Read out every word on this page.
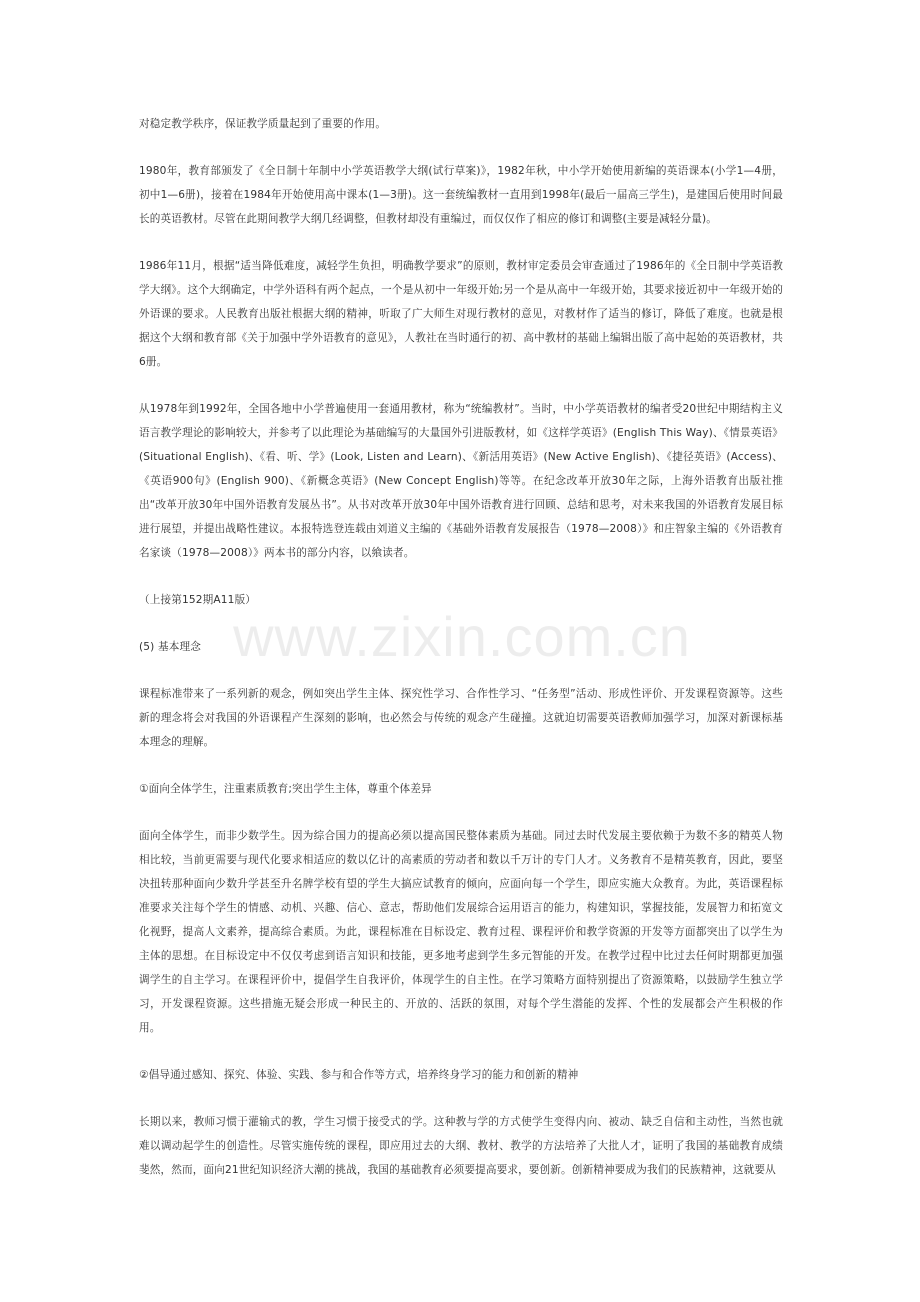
www.zixin.com.cn

对稳定教学秩序，保证教学质量起到了重要的作用。

1980年，教育部颁发了《全日制十年制中小学英语教学大纲(试行草案)》，1982年秋，中小学开始使用新编的英语课本(小学1—4册，初中1—6册)，接着在1984年开始使用高中课本(1—3册)。这一套统编教材一直用到1998年(最后一届高三学生)，是建国后使用时间最长的英语教材。尽管在此期间教学大纲几经调整，但教材却没有重编过，而仅仅作了相应的修订和调整(主要是减轻分量)。

1986年11月，根据“适当降低难度，减轻学生负担，明确教学要求”的原则，教材审定委员会审查通过了1986年的《全日制中学英语教学大纲》。这个大纲确定，中学外语科有两个起点，一个是从初中一年级开始;另一个是从高中一年级开始，其要求接近初中一年级开始的外语课的要求。人民教育出版社根据大纲的精神，听取了广大师生对现行教材的意见，对教材作了适当的修订，降低了难度。也就是根据这个大纲和教育部《关于加强中学外语教育的意见》，人教社在当时通行的初、高中教材的基础上编辑出版了高中起始的英语教材，共6册。

从1978年到1992年，全国各地中小学普遍使用一套通用教材，称为“统编教材”。当时，中小学英语教材的编者受20世纪中期结构主义语言教学理论的影响较大，并参考了以此理论为基础编写的大量国外引进版教材，如《这样学英语》(English This Way)、《情景英语》(Situational English)、《看、听、学》(Look, Listen and Learn)、《新活用英语》(New Active English)、《捷径英语》(Access)、《英语900句》(English 900)、《新概念英语》(New Concept English)等等。在纪念改革开放30年之际，上海外语教育出版社推出“改革开放30年中国外语教育发展丛书”。从书对改革开放30年中国外语教育进行回顾、总结和思考，对未来我国的外语教育发展目标进行展望，并提出战略性建议。本报特选登连载由刘道义主编的《基础外语教育发展报告（1978—2008）》和庄智象主编的《外语教育名家谈（1978—2008）》两本书的部分内容，以飨读者。

（上接第152期A11版）

(5) 基本理念

课程标准带来了一系列新的观念，例如突出学生主体、探究性学习、合作性学习、“任务型”活动、形成性评价、开发课程资源等。这些新的理念将会对我国的外语课程产生深刻的影响，也必然会与传统的观念产生碰撞。这就迫切需要英语教师加强学习，加深对新课标基本理念的理解。

①面向全体学生，注重素质教育;突出学生主体，尊重个体差异

面向全体学生，而非少数学生。因为综合国力的提高必须以提高国民整体素质为基础。同过去时代发展主要依赖于为数不多的精英人物相比较，当前更需要与现代化要求相适应的数以亿计的高素质的劳动者和数以千万计的专门人才。义务教育不是精英教育，因此，要坚决扭转那种面向少数升学甚至升名牌学校有望的学生大搞应试教育的倾向，应面向每一个学生，即应实施大众教育。为此，英语课程标准要求关注每个学生的情感、动机、兴趣、信心、意志，帮助他们发展综合运用语言的能力，构建知识，掌握技能，发展智力和拓宽文化视野，提高人文素养，提高综合素质。为此，课程标准在目标设定、教育过程、课程评价和教学资源的开发等方面都突出了以学生为主体的思想。在目标设定中不仅仅考虑到语言知识和技能，更多地考虑到学生多元智能的开发。在教学过程中比过去任何时期都更加强调学生的自主学习。在课程评价中，提倡学生自我评价，体现学生的自主性。在学习策略方面特别提出了资源策略，以鼓励学生独立学习，开发课程资源。这些措施无疑会形成一种民主的、开放的、活跃的氛围，对每个学生潜能的发挥、个性的发展都会产生积极的作用。

②倡导通过感知、探究、体验、实践、参与和合作等方式，培养终身学习的能力和创新的精神

长期以来，教师习惯于灌输式的教，学生习惯于接受式的学。这种教与学的方式使学生变得内向、被动、缺乏自信和主动性，当然也就难以调动起学生的创造性。尽管实施传统的课程，即应用过去的大纲、教材、教学的方法培养了大批人才，证明了我国的基础教育成绩斐然，然而，面向21世纪知识经济大潮的挑战，我国的基础教育必须要提高要求，要创新。创新精神要成为我们的民族精神，这就要从
